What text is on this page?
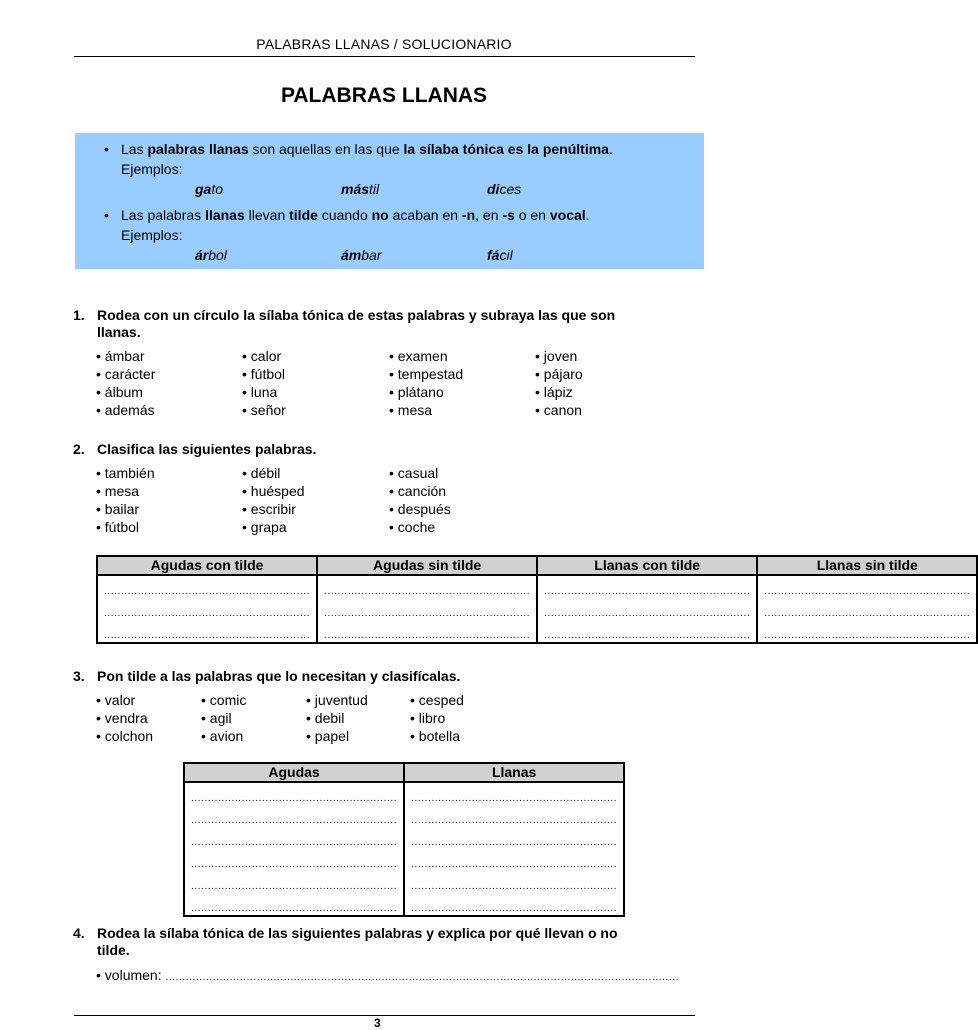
PALABRAS LLANAS / SOLUCIONARIO
PALABRAS LLANAS
• Las palabras llanas son aquellas en las que la sílaba tónica es la penúltima.
Ejemplos:
gato	mástil	dices
• Las palabras llanas llevan tilde cuando no acaban en -n, en -s o en vocal.
Ejemplos:
árbol	ámbar	fácil
1. Rodea con un círculo la sílaba tónica de estas palabras y subraya las que son
llanas.
• ámbar
• carácter
• álbum
• además
• calor
• fútbol
• luna
• señor
• examen
• tempestad
• plátano
• mesa
• joven
• pájaro
• lápiz
• canon
2. Clasifica las siguientes palabras.
• también
• mesa
• bailar
• fútbol
• débil
• huésped
• escribir
• grapa
• casual
• canción
• después
• coche
Agudas con tilde	Agudas sin tilde	Llanas con tilde	Llanas sin tilde

.............................................................	.............................................................	.............................................................	.............................................................

.............................................................	.............................................................	.............................................................	.............................................................

.............................................................	.............................................................	.............................................................	.............................................................
3. Pon tilde a las palabras que lo necesitan y clasifícalas.
• valor
• vendra
• colchon
• comic
• agil
• avion
• juventud
• debil
• papel
• cesped
• libro
• botella
Agudas	Llanas

.............................................................	.............................................................

.............................................................	.............................................................

.............................................................	.............................................................

.............................................................	.............................................................

.............................................................	.............................................................

.............................................................	.............................................................
4. Rodea la sílaba tónica de las siguientes palabras y explica por qué llevan o no
tilde.
• volumen: ........................................................................................................................................................
3
